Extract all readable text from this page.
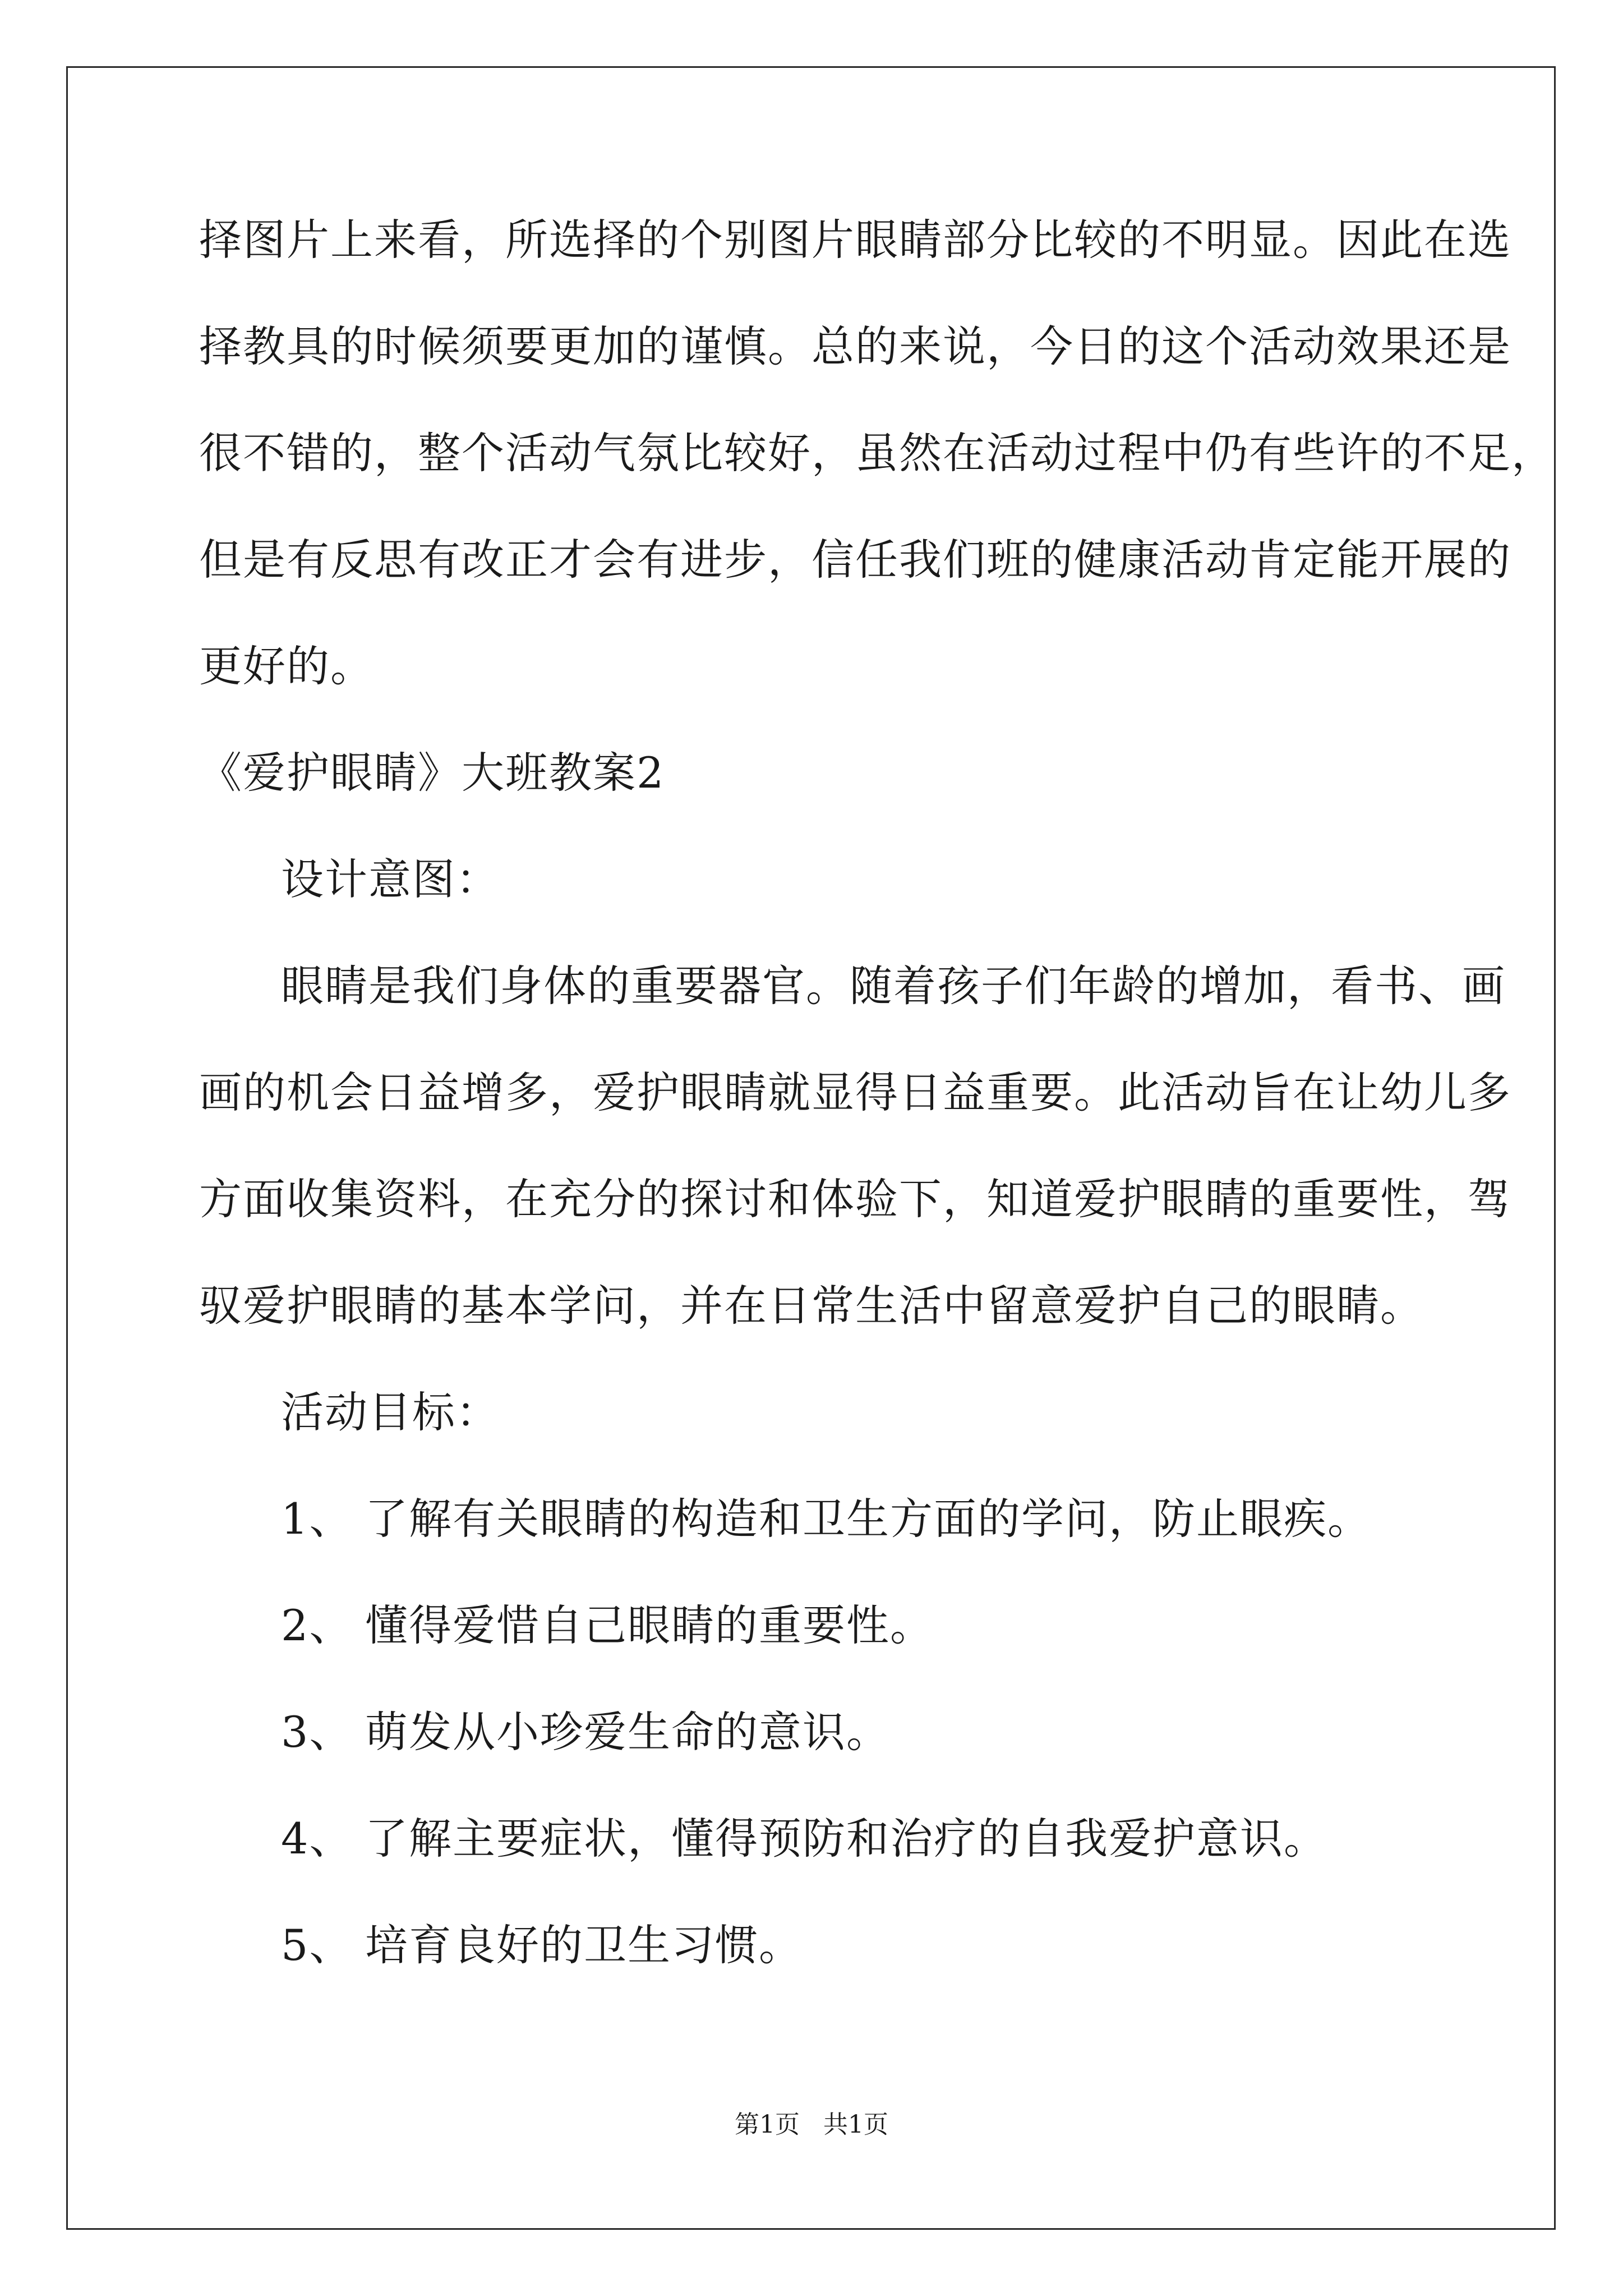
择图片上来看，所选择的个别图片眼睛部分比较的不明显。因此在选
择教具的时候须要更加的谨慎。总的来说，今日的这个活动效果还是
很不错的，整个活动气氛比较好，虽然在活动过程中仍有些许的不足，
但是有反思有改正才会有进步，信任我们班的健康活动肯定能开展的
更好的。
《爱护眼睛》大班教案2
设计意图：
眼睛是我们身体的重要器官。随着孩子们年龄的增加，看书、画
画的机会日益增多，爱护眼睛就显得日益重要。此活动旨在让幼儿多
方面收集资料，在充分的探讨和体验下，知道爱护眼睛的重要性，驾
驭爱护眼睛的基本学问，并在日常生活中留意爱护自己的眼睛。
活动目标：
1、 了解有关眼睛的构造和卫生方面的学问，防止眼疾。
2、 懂得爱惜自己眼睛的重要性。
3、 萌发从小珍爱生命的意识。
4、 了解主要症状，懂得预防和治疗的自我爱护意识。
5、 培育良好的卫生习惯。
第1页   共1页
